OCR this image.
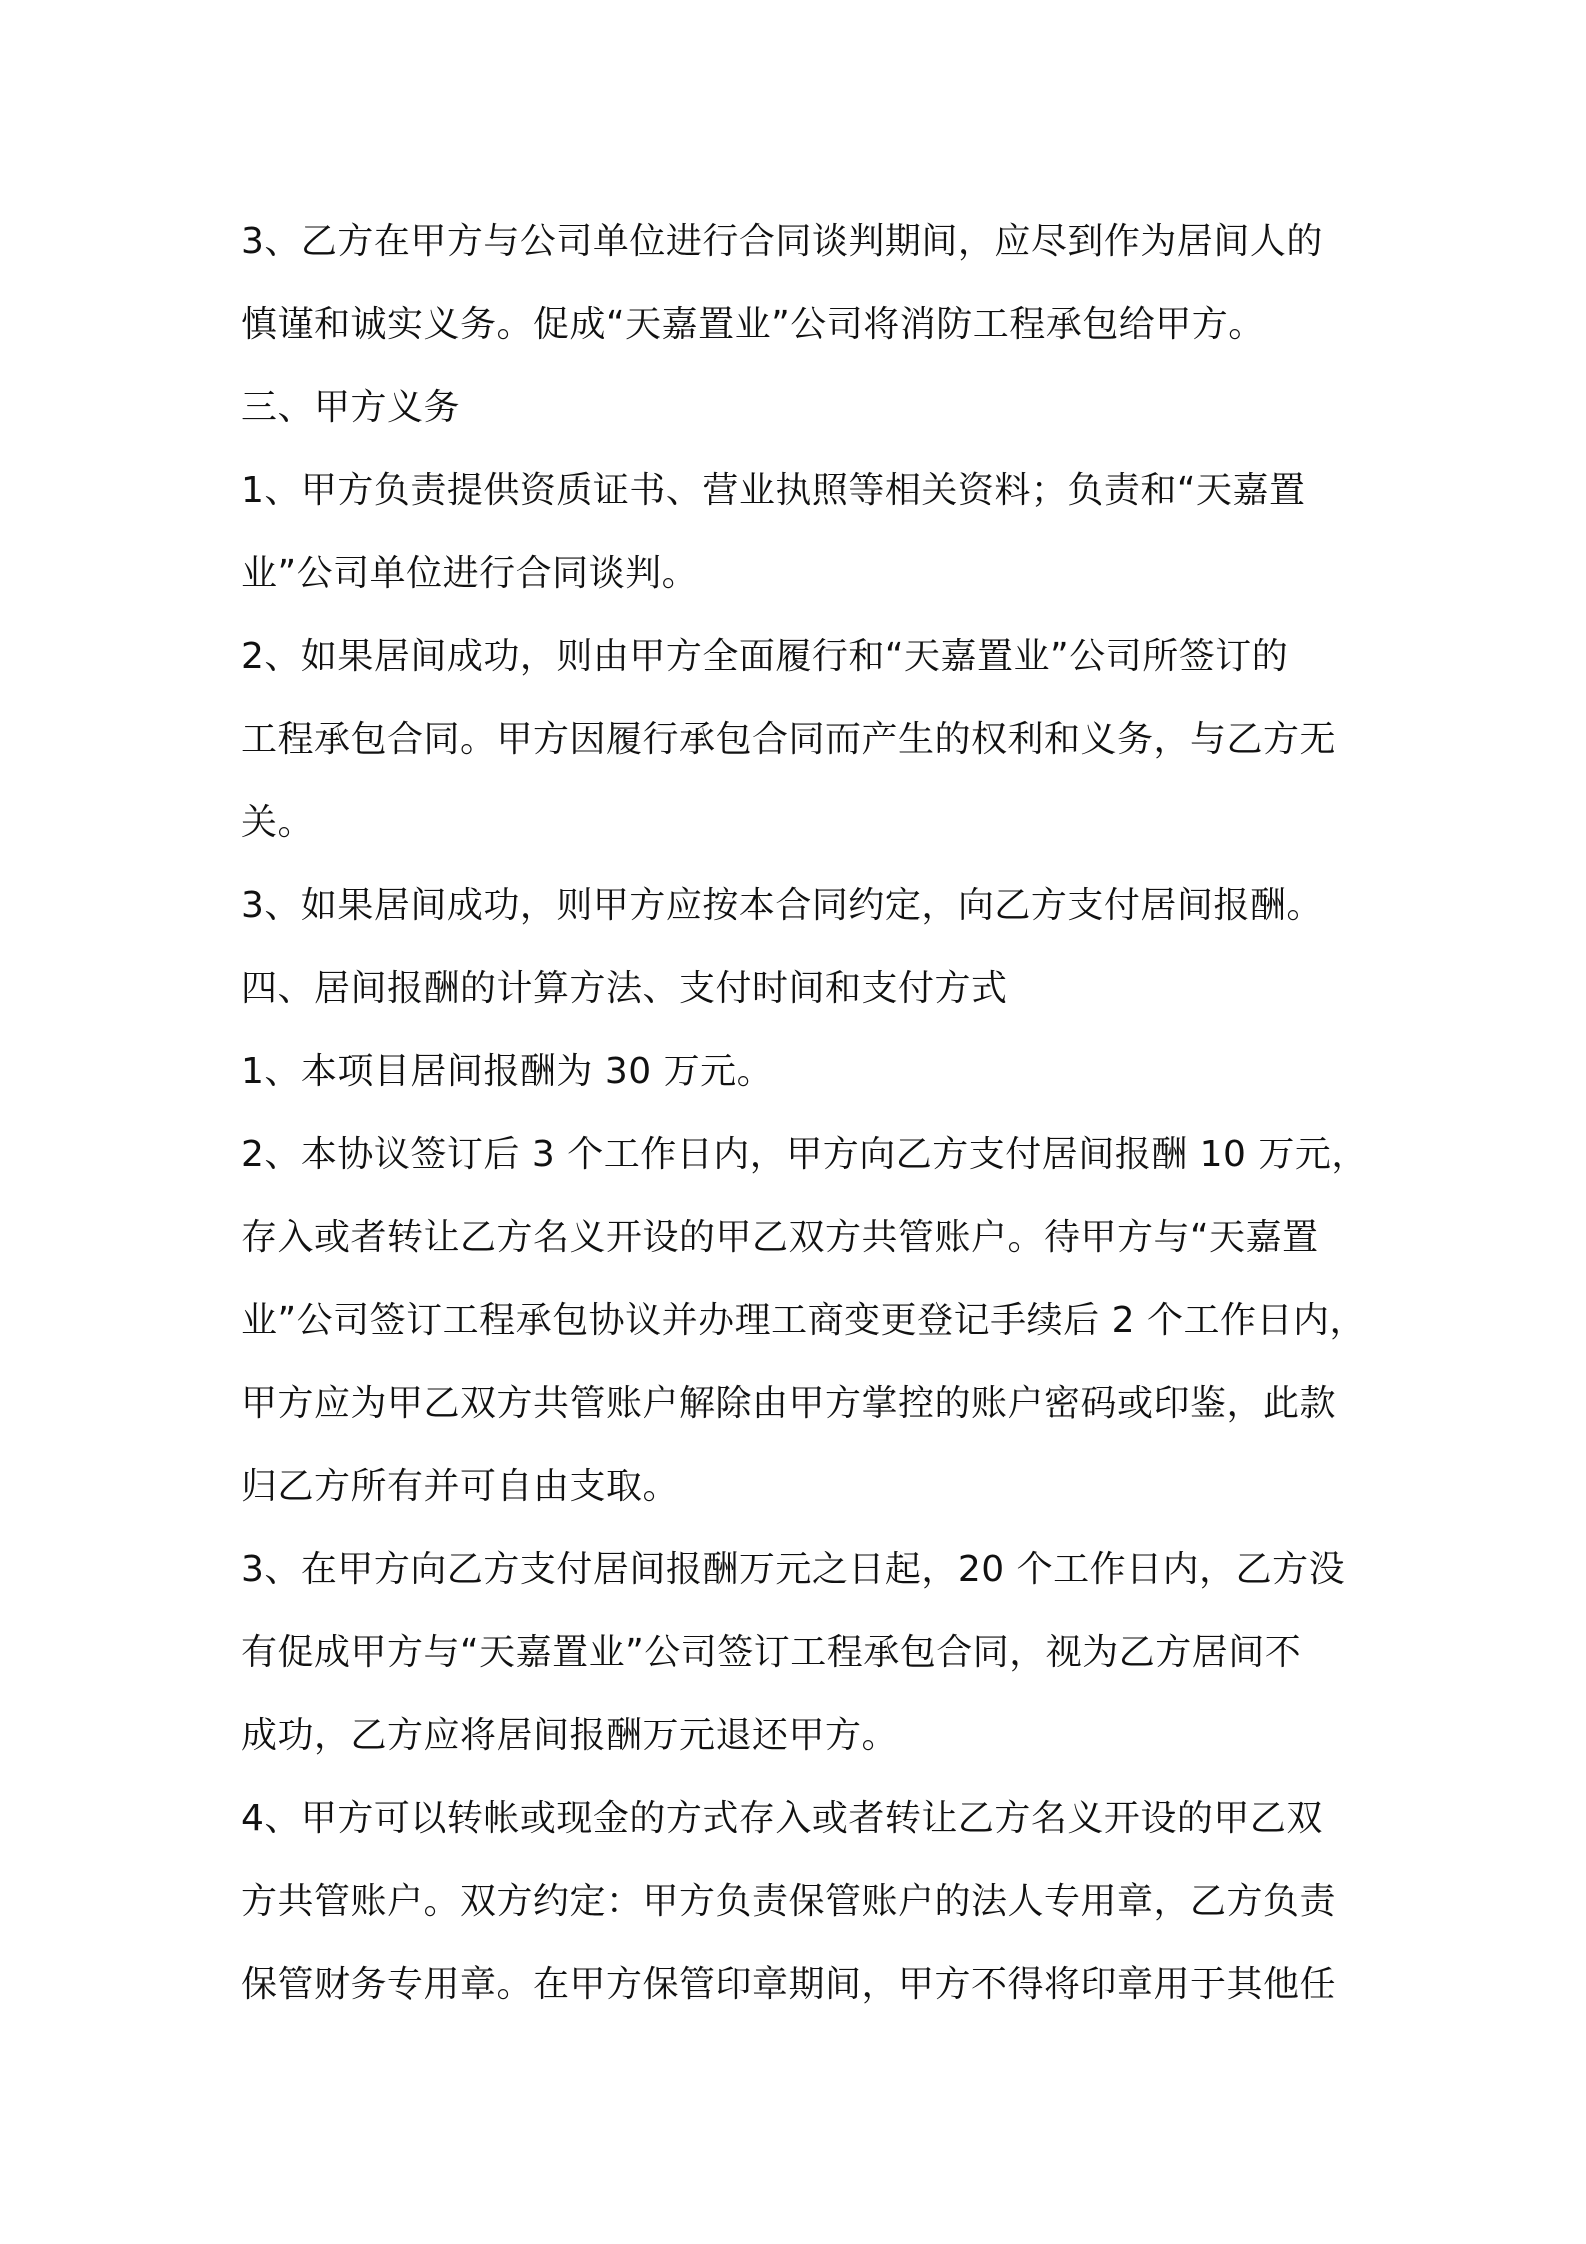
3、乙方在甲方与公司单位进行合同谈判期间，应尽到作为居间人的
慎谨和诚实义务。促成“天嘉置业”公司将消防工程承包给甲方。
三、甲方义务
1、甲方负责提供资质证书、营业执照等相关资料；负责和“天嘉置
业”公司单位进行合同谈判。
2、如果居间成功，则由甲方全面履行和“天嘉置业”公司所签订的
工程承包合同。甲方因履行承包合同而产生的权利和义务，与乙方无
关。
3、如果居间成功，则甲方应按本合同约定，向乙方支付居间报酬。
四、居间报酬的计算方法、支付时间和支付方式
1、本项目居间报酬为 30 万元。
2、本协议签订后 3 个工作日内，甲方向乙方支付居间报酬 10 万元，
存入或者转让乙方名义开设的甲乙双方共管账户。待甲方与“天嘉置
业”公司签订工程承包协议并办理工商变更登记手续后 2 个工作日内，
甲方应为甲乙双方共管账户解除由甲方掌控的账户密码或印鉴，此款
归乙方所有并可自由支取。
3、在甲方向乙方支付居间报酬万元之日起，20 个工作日内，乙方没
有促成甲方与“天嘉置业”公司签订工程承包合同，视为乙方居间不
成功，乙方应将居间报酬万元退还甲方。
4、甲方可以转帐或现金的方式存入或者转让乙方名义开设的甲乙双
方共管账户。双方约定：甲方负责保管账户的法人专用章，乙方负责
保管财务专用章。在甲方保管印章期间，甲方不得将印章用于其他任
